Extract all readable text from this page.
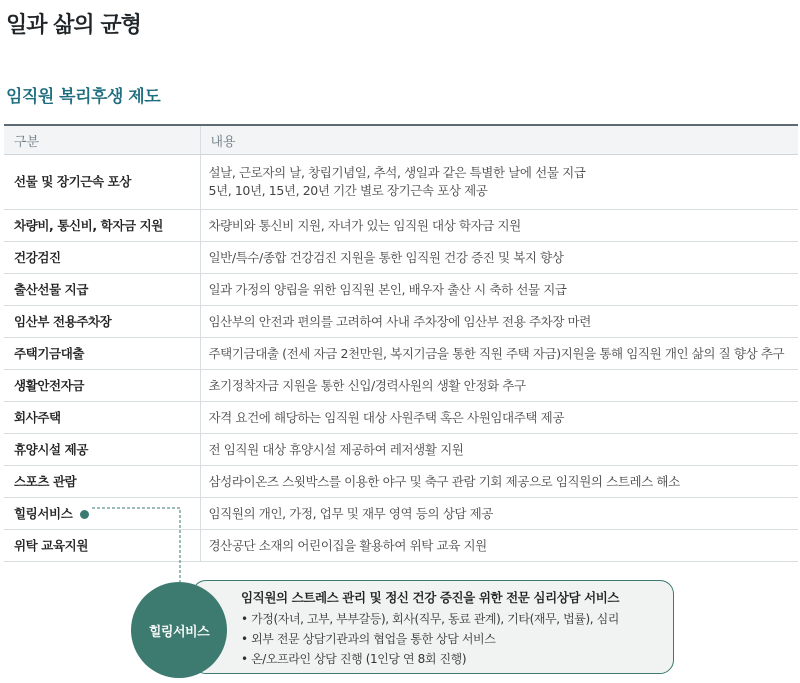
일과 삶의 균형
임직원 복리후생 제도
구분	내용
선물 및 장기근속 포상	설날, 근로자의 날, 창립기념일, 추석, 생일과 같은 특별한 날에 선물 지급
5년, 10년, 15년, 20년 기간 별로 장기근속 포상 제공

차량비, 통신비, 학자금 지원	차량비와 통신비 지원, 자녀가 있는 임직원 대상 학자금 지원
건강검진	일반/특수/종합 건강검진 지원을 통한 임직원 건강 증진 및 복지 향상
출산선물 지급	일과 가정의 양립을 위한 임직원 본인, 배우자 출산 시 축하 선물 지급
임산부 전용주차장	임산부의 안전과 편의를 고려하여 사내 주차장에 임산부 전용 주차장 마련
주택기금대출	주택기금대출 (전세 자금 2천만원, 복지기금을 통한 직원 주택 자금)지원을 통해 임직원 개인 삶의 질 향상 추구
생활안전자금	초기정착자금 지원을 통한 신입/경력사원의 생활 안정화 추구
회사주택	자격 요건에 해당하는 임직원 대상 사원주택 혹은 사원임대주택 제공
휴양시설 제공	전 임직원 대상 휴양시설 제공하여 레저생활 지원
스포츠 관람	삼성라이온즈 스윗박스를 이용한 야구 및 축구 관람 기회 제공으로 임직원의 스트레스 해소
힐링서비스	임직원의 개인, 가정, 업무 및 재무 영역 등의 상담 제공
위탁 교육지원	경산공단 소재의 어린이집을 활용하여 위탁 교육 지원
임직원의 스트레스 관리 및 정신 건강 증진을 위한 전문 심리상담 서비스
• 가정(자녀, 고부, 부부갈등), 회사(직무, 동료 관계), 기타(재무, 법률), 심리
• 외부 전문 상담기관과의 협업을 통한 상담 서비스
• 온/오프라인 상담 진행 (1인당 연 8회 진행)
힐링서비스
